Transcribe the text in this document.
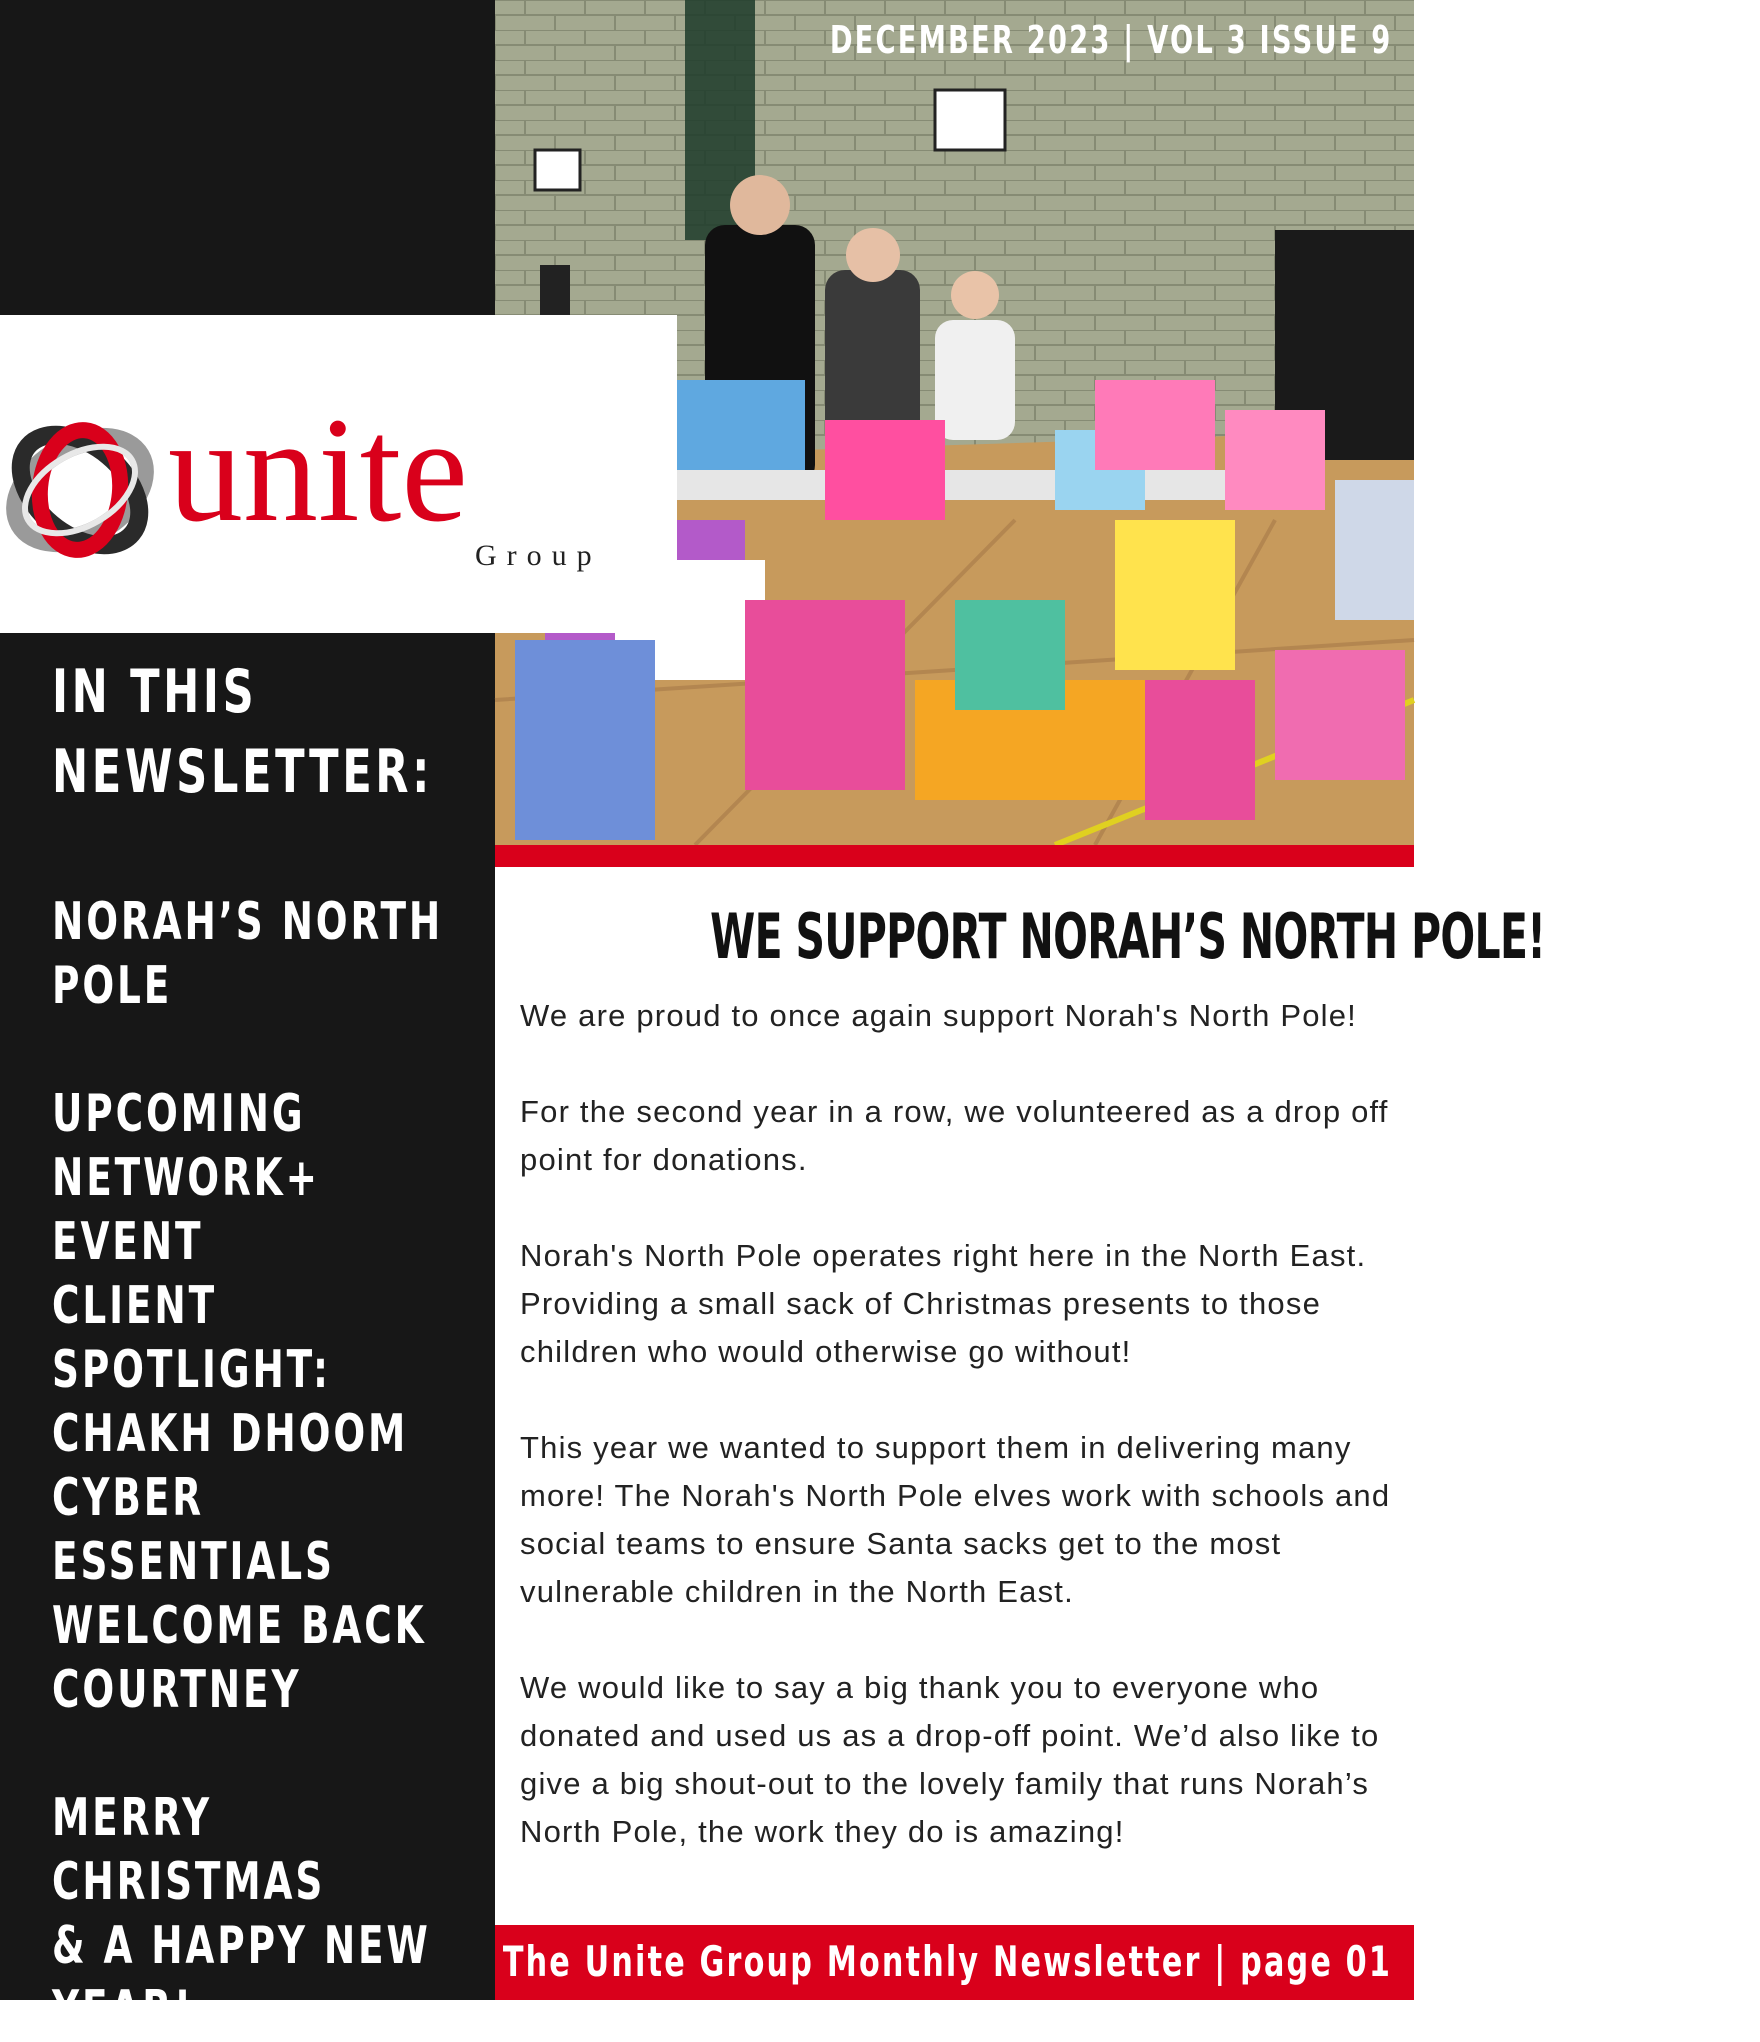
IN THIS
NEWSLETTER:
NORAH’S NORTH
POLE
UPCOMING
NETWORK+ EVENT
CLIENT SPOTLIGHT:
CHAKH DHOOM
CYBER ESSENTIALS
WELCOME BACK
COURTNEY
MERRY CHRISTMAS
& A HAPPY NEW
YEAR!
unite
Group
DECEMBER 2023 | VOL 3 ISSUE 9
WE SUPPORT NORAH’S NORTH POLE!

We are proud to once again support Norah's North Pole!

For the second year in a row, we volunteered as a drop off point for donations.

Norah's North Pole operates right here in the North East. Providing a small sack of Christmas presents to those children who would otherwise go without!

This year we wanted to support them in delivering many more! The Norah's North Pole elves work with schools and social teams to ensure Santa sacks get to the most vulnerable children in the North East.

We would like to say a big thank you to everyone who donated and used us as a drop-off point. We’d also like to give a big shout-out to the lovely family that runs Norah’s North Pole, the work they do is amazing!

The Unite Group Monthly Newsletter | page 01
